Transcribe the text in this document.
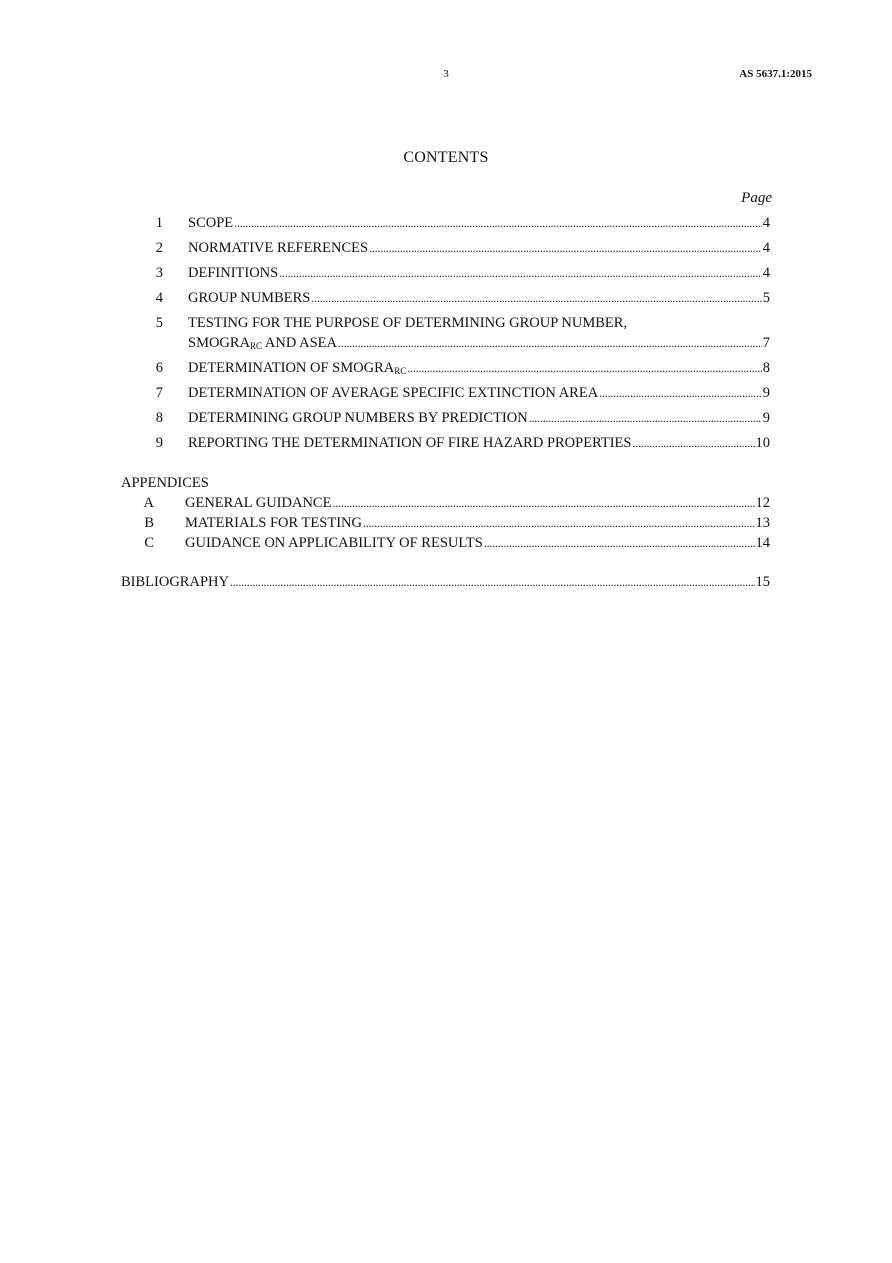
3	AS 5637.1:2015
CONTENTS
Page
1 SCOPE . . .	4
2 NORMATIVE REFERENCES . . .	4
3 DEFINITIONS . . .	4
4 GROUP NUMBERS . . .	5
5 TESTING FOR THE PURPOSE OF DETERMINING GROUP NUMBER,
$SMOGRA_{RC}$ AND ASEA . . .	7
6 DETERMINATION OF $SMOGRA_{RC}$ . . .	8
7 DETERMINATION OF AVERAGE SPECIFIC EXTINCTION AREA . . .	9
8 DETERMINING GROUP NUMBERS BY PREDICTION . . .	9
9 REPORTING THE DETERMINATION OF FIRE HAZARD PROPERTIES . . .	10
APPENDICES
A GENERAL GUIDANCE . . .	12
B MATERIALS FOR TESTING . . .	13
C GUIDANCE ON APPLICABILITY OF RESULTS . . .	14
BIBLIOGRAPHY . . .	15
